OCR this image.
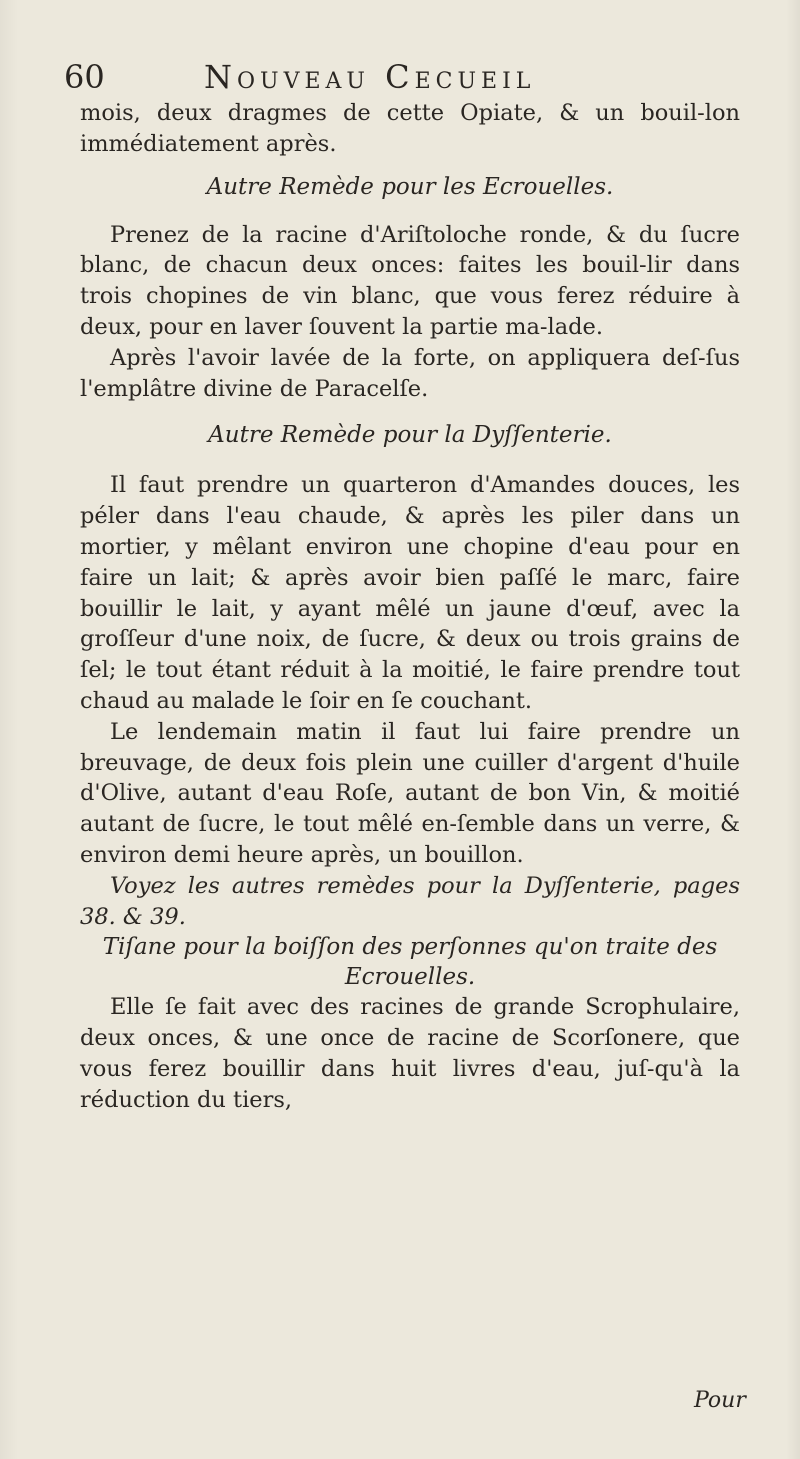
60	Nouveau Cecueil

mois, deux dragmes de cette Opiate, & un bouil-lon immédiatement après.

Autre Remède pour les Ecrouelles.

Prenez de la racine d'Ariſtoloche ronde, & du ſucre blanc, de chacun deux onces: faites les bouil-lir dans trois chopines de vin blanc, que vous ferez réduire à deux, pour en laver ſouvent la partie ma-lade.

Après l'avoir lavée de la forte, on appliquera deſ-ſus l'emplâtre divine de Paracelſe.

Autre Remède pour la Dyſſenterie.

Il faut prendre un quarteron d'Amandes douces, les péler dans l'eau chaude, & après les piler dans un mortier, y mêlant environ une chopine d'eau pour en faire un lait; & après avoir bien paſſé le marc, faire bouillir le lait, y ayant mêlé un jaune d'œuf, avec la groſſeur d'une noix, de ſucre, & deux ou trois grains de ſel; le tout étant réduit à la moitié, le faire prendre tout chaud au malade le ſoir en ſe couchant.

Le lendemain matin il faut lui faire prendre un breuvage, de deux fois plein une cuiller d'argent d'huile d'Olive, autant d'eau Roſe, autant de bon Vin, & moitié autant de ſucre, le tout mêlé en-ſemble dans un verre, & environ demi heure après, un bouillon.

Voyez les autres remèdes pour la Dyſſenterie, pages 38. & 39.

Tiſane pour la boiſſon des perſonnes qu'on traite des Ecrouelles.

Elle ſe fait avec des racines de grande Scrophulaire, deux onces, & une once de racine de Scorſonere, que vous ferez bouillir dans huit livres d'eau, juſ-qu'à la réduction du tiers,

Pour
